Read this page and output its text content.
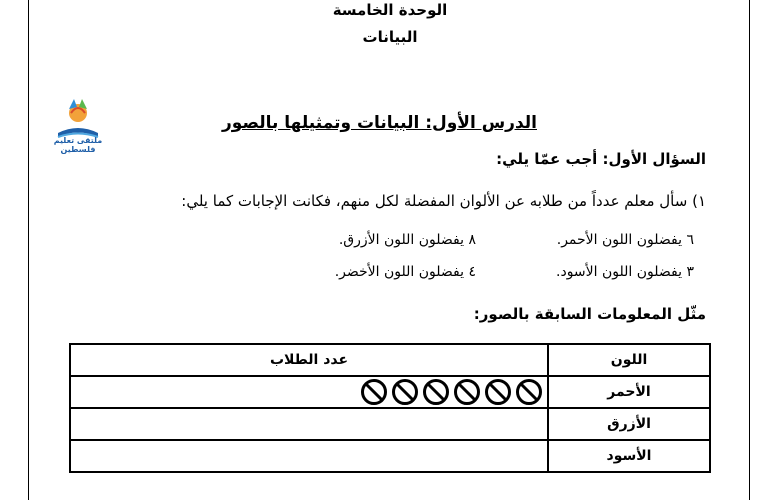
الوحدة الخامسة
البيانات
ملتقى تعليم فلسطين
الدرس الأول: البيانات وتمثيلها بالصور
السؤال الأول: أجب عمّا يلي:
١) سأل معلم عدداً من طلابه عن الألوان المفضلة لكل منهم، فكانت الإجابات كما يلي:
٦ يفضلون اللون الأحمر.
٨ يفضلون اللون الأزرق.
٣ يفضلون اللون الأسود.
٤ يفضلون اللون الأخضر.
مثّل المعلومات السابقة بالصور:
اللون	عدد الطلاب
الأحمر	
الأزرق	
الأسود	
